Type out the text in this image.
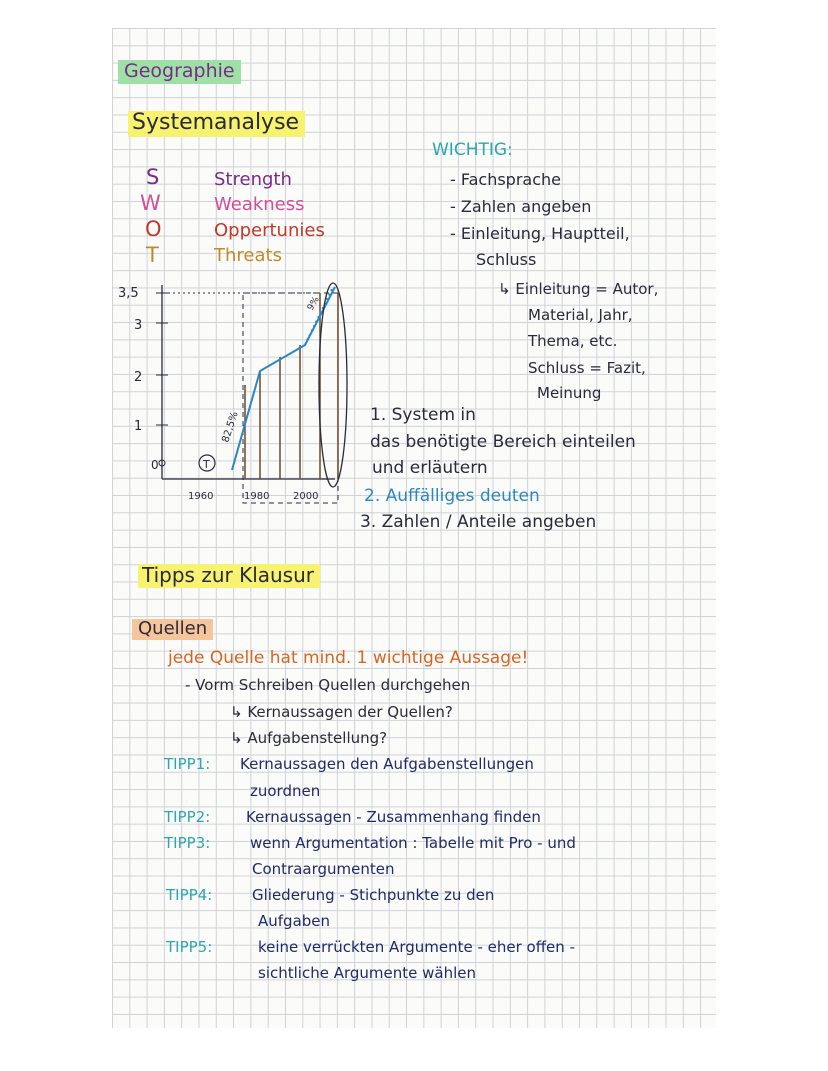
Geographie
Systemanalyse
S	Strength
W	Weakness
O	Oppertunies
T	Threats
WICHTIG:
- Fachsprache
- Zahlen angeben
- Einleitung, Hauptteil,
Schluss
↳ Einleitung = Autor,
Material, Jahr,
Thema, etc.
Schluss = Fazit,
Meinung
3,5
3
2
1
0
1960	1980 2000
T
82,5%
9%
1. System in
das benötigte Bereich einteilen
und erläutern
2. Auffälliges deuten
3. Zahlen / Anteile angeben
Tipps zur Klausur
Quellen
jede Quelle hat mind. 1 wichtige Aussage!
- Vorm Schreiben Quellen durchgehen
↳ Kernaussagen der Quellen?
↳ Aufgabenstellung?
TIPP1: Kernaussagen den Aufgabenstellungen
zuordnen
TIPP2: Kernaussagen - Zusammenhang finden
TIPP3:	wenn Argumentation : Tabelle mit Pro - und
Contraargumenten
TIPP4:	Gliederung - Stichpunkte zu den
Aufgaben
TIPP5:	keine verrückten Argumente - eher offen -
sichtliche Argumente wählen
